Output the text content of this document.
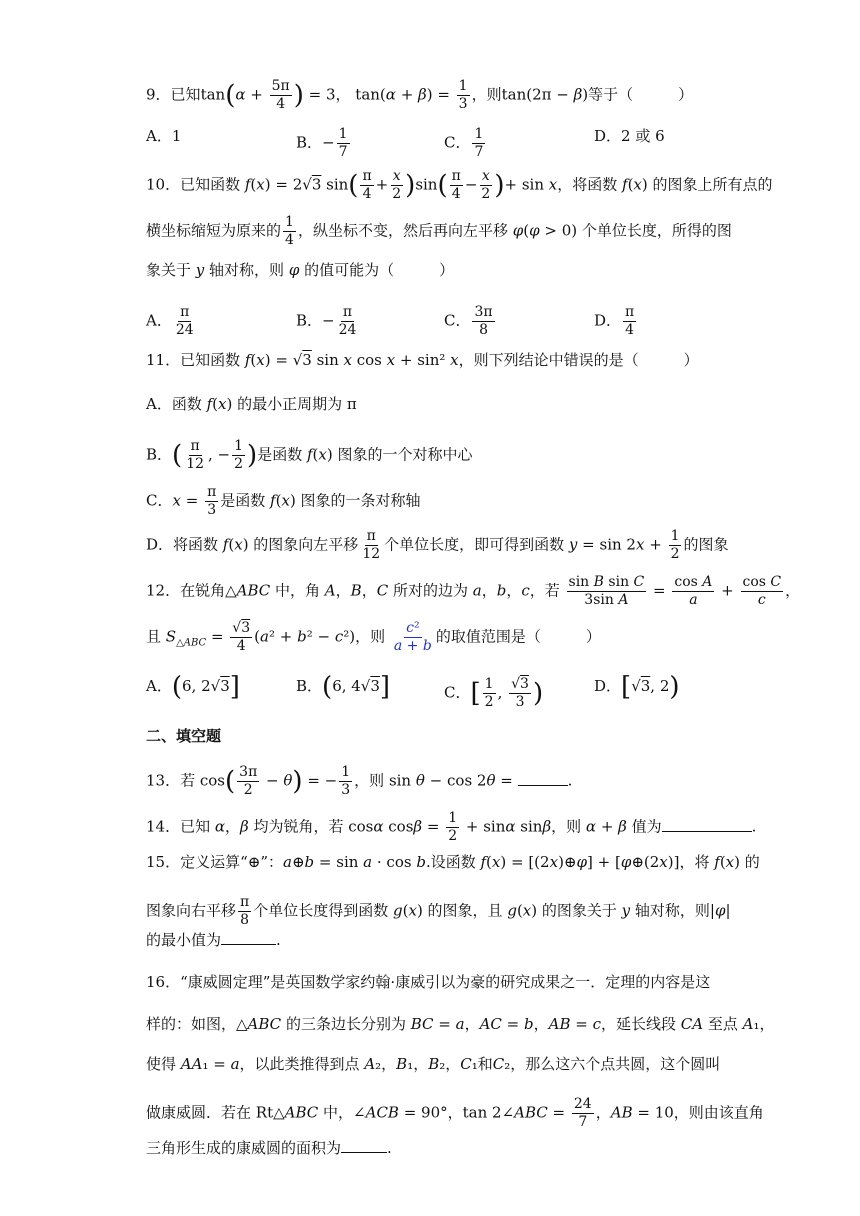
9．已知$\tan(\alpha + \frac{5\pi}{4}$ ) = 3， $\tan(\alpha + \beta) = \frac{1}{3}$ ，则tan(2π − β)等于（　　　）
A．1	B．− $\frac{1}{7}$	C． $\frac{1}{7}$	D．2 或 6
10．已知函数 f(x) = 2√3 $\sin( \frac{\pi}{4} + \frac{x}{2} )\sin( \frac{\pi}{4} - \frac{x}{2}$ )+ sin x，将函数 f(x) 的图象上所有点的
横坐标缩短为原来的 $\frac{1}{4}$ ，纵坐标不变，然后再向左平移 φ(φ > 0) 个单位长度，所得的图
象关于 y 轴对称，则 φ 的值可能为（　　　）
A． $\frac{\pi}{24}$	B．− $\frac{\pi}{24}$	C． $\frac{3\pi}{8}$	D． $\frac{\pi}{4}$
11．已知函数 f(x) = √3 sin x cos x + sin² x，则下列结论中错误的是（　　　）
A．函数 f(x) 的最小正周期为 π
B．( $\frac{\pi}{12}$ , − $\frac{1}{2}$ )是函数 f(x) 图象的一个对称中心
C．$x = \frac{\pi}{3}$ 是函数 f(x) 图象的一条对称轴
D．将函数 f(x) 的图象向左平移 $\frac{\pi}{12}$ 个单位长度，即可得到函数 $y = \sin 2x + \frac{1}{2}$ 的图象
12．在锐角△ABC 中，角 A，B，C 所对的边为 a，b，c，若 $\frac{\text{sin B sin C}}{\text{3sin A}} = \frac{\text{cos A}}{a} + \frac{\text{cos C}}{c}$ ，
且 $S_{\triangle ABC} = \frac{√3}{4} (a^2 + b^2 - c^2)$，则 $\frac{\text{c²}}{a + b}$ 的取值范围是（　　　）
A．(6, 2√3]	B．(6, 4√3]	C．[ $\frac{1}{2}$ , $\frac{√3}{3}$ )	D．[√3, 2)
二、填空题
13．若 $\cos( \frac{3\pi}{2} - \theta)$ = − $\frac{1}{3}$ ，则 sin θ − cos 2θ =	.
14．已知 α，β 均为锐角，若 cosα $\cos\beta = \frac{1}{2} + \sin\alpha$ sinβ，则 α + β 值为	.
15．定义运算“⊕”：a⊕b = sin a · cos b.设函数 f(x) = [(2x)⊕φ] + [φ⊕(2x)]，将 f(x) 的
图象向右平移 $\frac{\pi}{8}$ 个单位长度得到函数 g(x) 的图象，且 g(x) 的图象关于 y 轴对称，则|φ|
的最小值为	.
16．“康威圆定理”是英国数学家约翰·康威引以为豪的研究成果之一．定理的内容是这
样的：如图，△ABC 的三条边长分别为 BC = a，AC = b，AB = c，延长线段 CA 至点 A₁，
使得 AA₁ = a，以此类推得到点 A₂，B₁，B₂，C₁和C₂，那么这六个点共圆，这个圆叫
做康威圆．若在 Rt△ABC 中，∠ACB = 90°，tan 2∠ABC = $\frac{24}{7}$ ，AB = 10，则由该直角
三角形生成的康威圆的面积为	.
